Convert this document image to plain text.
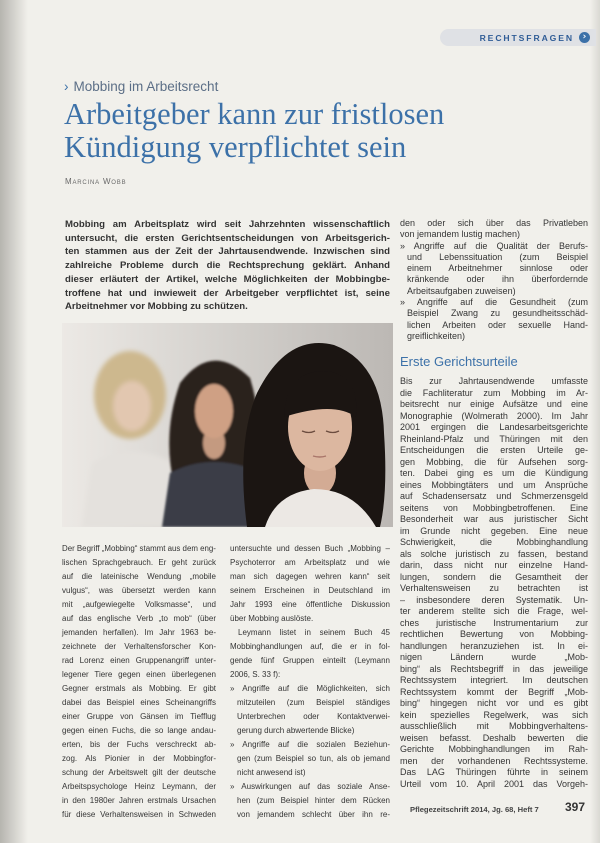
RECHTSFRAGEN ›
› Mobbing im Arbeitsrecht
Arbeitgeber kann zur fristlosen
Kündigung verpflichtet sein
Marcina Wobb
Mobbing am Arbeitsplatz wird seit Jahrzehnten wissenschaftlich
untersucht, die ersten Gerichtsentscheidungen von Arbeitsgerich-
ten stammen aus der Zeit der Jahrtausendwende. Inzwischen sind
zahlreiche Probleme durch die Rechtsprechung geklärt. Anhand
dieser erläutert der Artikel, welche Möglichkeiten der Mobbingbe-
troffene hat und inwieweit der Arbeitgeber verpflichtet ist, seine
Arbeitnehmer vor Mobbing zu schützen.
den oder sich über das Privatleben
von jemandem lustig machen)
» Angriffe auf die Qualität der Berufs-
und Lebenssituation (zum Beispiel
einem Arbeitnehmer sinnlose oder
kränkende oder ihn überfordernde
Arbeitsaufgaben zuweisen)
» Angriffe auf die Gesundheit (zum
Beispiel Zwang zu gesundheitsschäd-
lichen Arbeiten oder sexuelle Hand-
greiflichkeiten)
Erste Gerichtsurteile
Bis zur Jahrtausendwende umfasste
die Fachliteratur zum Mobbing im Ar-
beitsrecht nur einige Aufsätze und eine
Monographie (Wolmerath 2000). Im Jahr
2001 ergingen die Landesarbeitsgerichte
Rheinland-Pfalz und Thüringen mit den
Entscheidungen die ersten Urteile ge-
gen Mobbing, die für Aufsehen sorg-
ten. Dabei ging es um die Kündigung
eines Mobbingtäters und um Ansprüche
auf Schadensersatz und Schmerzensgeld
seitens von Mobbingbetroffenen. Eine
Besonderheit war aus juristischer Sicht
im Grunde nicht gegeben. Eine neue
Schwierigkeit, die Mobbinghandlung
als solche juristisch zu fassen, bestand
darin, dass nicht nur einzelne Hand-
lungen, sondern die Gesamtheit der
Verhaltensweisen zu betrachten ist
– insbesondere deren Systematik. Un-
ter anderem stellte sich die Frage, wel-
ches juristische Instrumentarium zur
rechtlichen Bewertung von Mobbing-
handlungen heranzuziehen ist. In ei-
nigen Ländern wurde „Mob-
bing“ als Rechtsbegriff in das jeweilige
Rechtssystem integriert. Im deutschen
Rechtssystem kommt der Begriff „Mob-
bing“ hingegen nicht vor und es gibt
kein spezielles Regelwerk, was sich
ausschließlich mit Mobbingverhaltens-
weisen befasst. Deshalb bewerten die
Gerichte Mobbinghandlungen im Rah-
men der vorhandenen Rechtssysteme.
Das LAG Thüringen führte in seinem
Urteil vom 10. April 2001 das Vorgeh-
Der Begriff „Mobbing“ stammt aus dem eng-
lischen Sprachgebrauch. Er geht zurück
auf die lateinische Wendung „mobile
vulgus“, was übersetzt werden kann
mit „aufgewiegelte Volksmasse“, und
auf das englische Verb „to mob“ (über
jemanden herfallen). Im Jahr 1963 be-
zeichnete der Verhaltensforscher Kon-
rad Lorenz einen Gruppenangriff unter-
legener Tiere gegen einen überlegenen
Gegner erstmals als Mobbing. Er gibt
dabei das Beispiel eines Scheinangriffs
einer Gruppe von Gänsen im Tiefflug
gegen einen Fuchs, die so lange andau-
erten, bis der Fuchs verschreckt ab-
zog. Als Pionier in der Mobbingfor-
schung der Arbeitswelt gilt der deutsche
Arbeitspsychologe Heinz Leymann, der
in den 1980er Jahren erstmals Ursachen
für diese Verhaltensweisen in Schweden
untersuchte und dessen Buch „Mobbing –
Psychoterror am Arbeitsplatz und wie
man sich dagegen wehren kann“ seit
seinem Erscheinen in Deutschland im
Jahr 1993 eine öffentliche Diskussion
über Mobbing auslöste.
Leymann listet in seinem Buch 45
Mobbinghandlungen auf, die er in fol-
gende fünf Gruppen einteilt (Leymann
2006, S. 33 f):
» Angriffe auf die Möglichkeiten, sich
mitzuteilen (zum Beispiel ständiges
Unterbrechen oder Kontaktverwei-
gerung durch abwertende Blicke)
» Angriffe auf die sozialen Beziehun-
gen (zum Beispiel so tun, als ob jemand
nicht anwesend ist)
» Auswirkungen auf das soziale Anse-
hen (zum Beispiel hinter dem Rücken
von jemandem schlecht über ihn re-
Pflegezeitschrift 2014, Jg. 68, Heft 7 397
